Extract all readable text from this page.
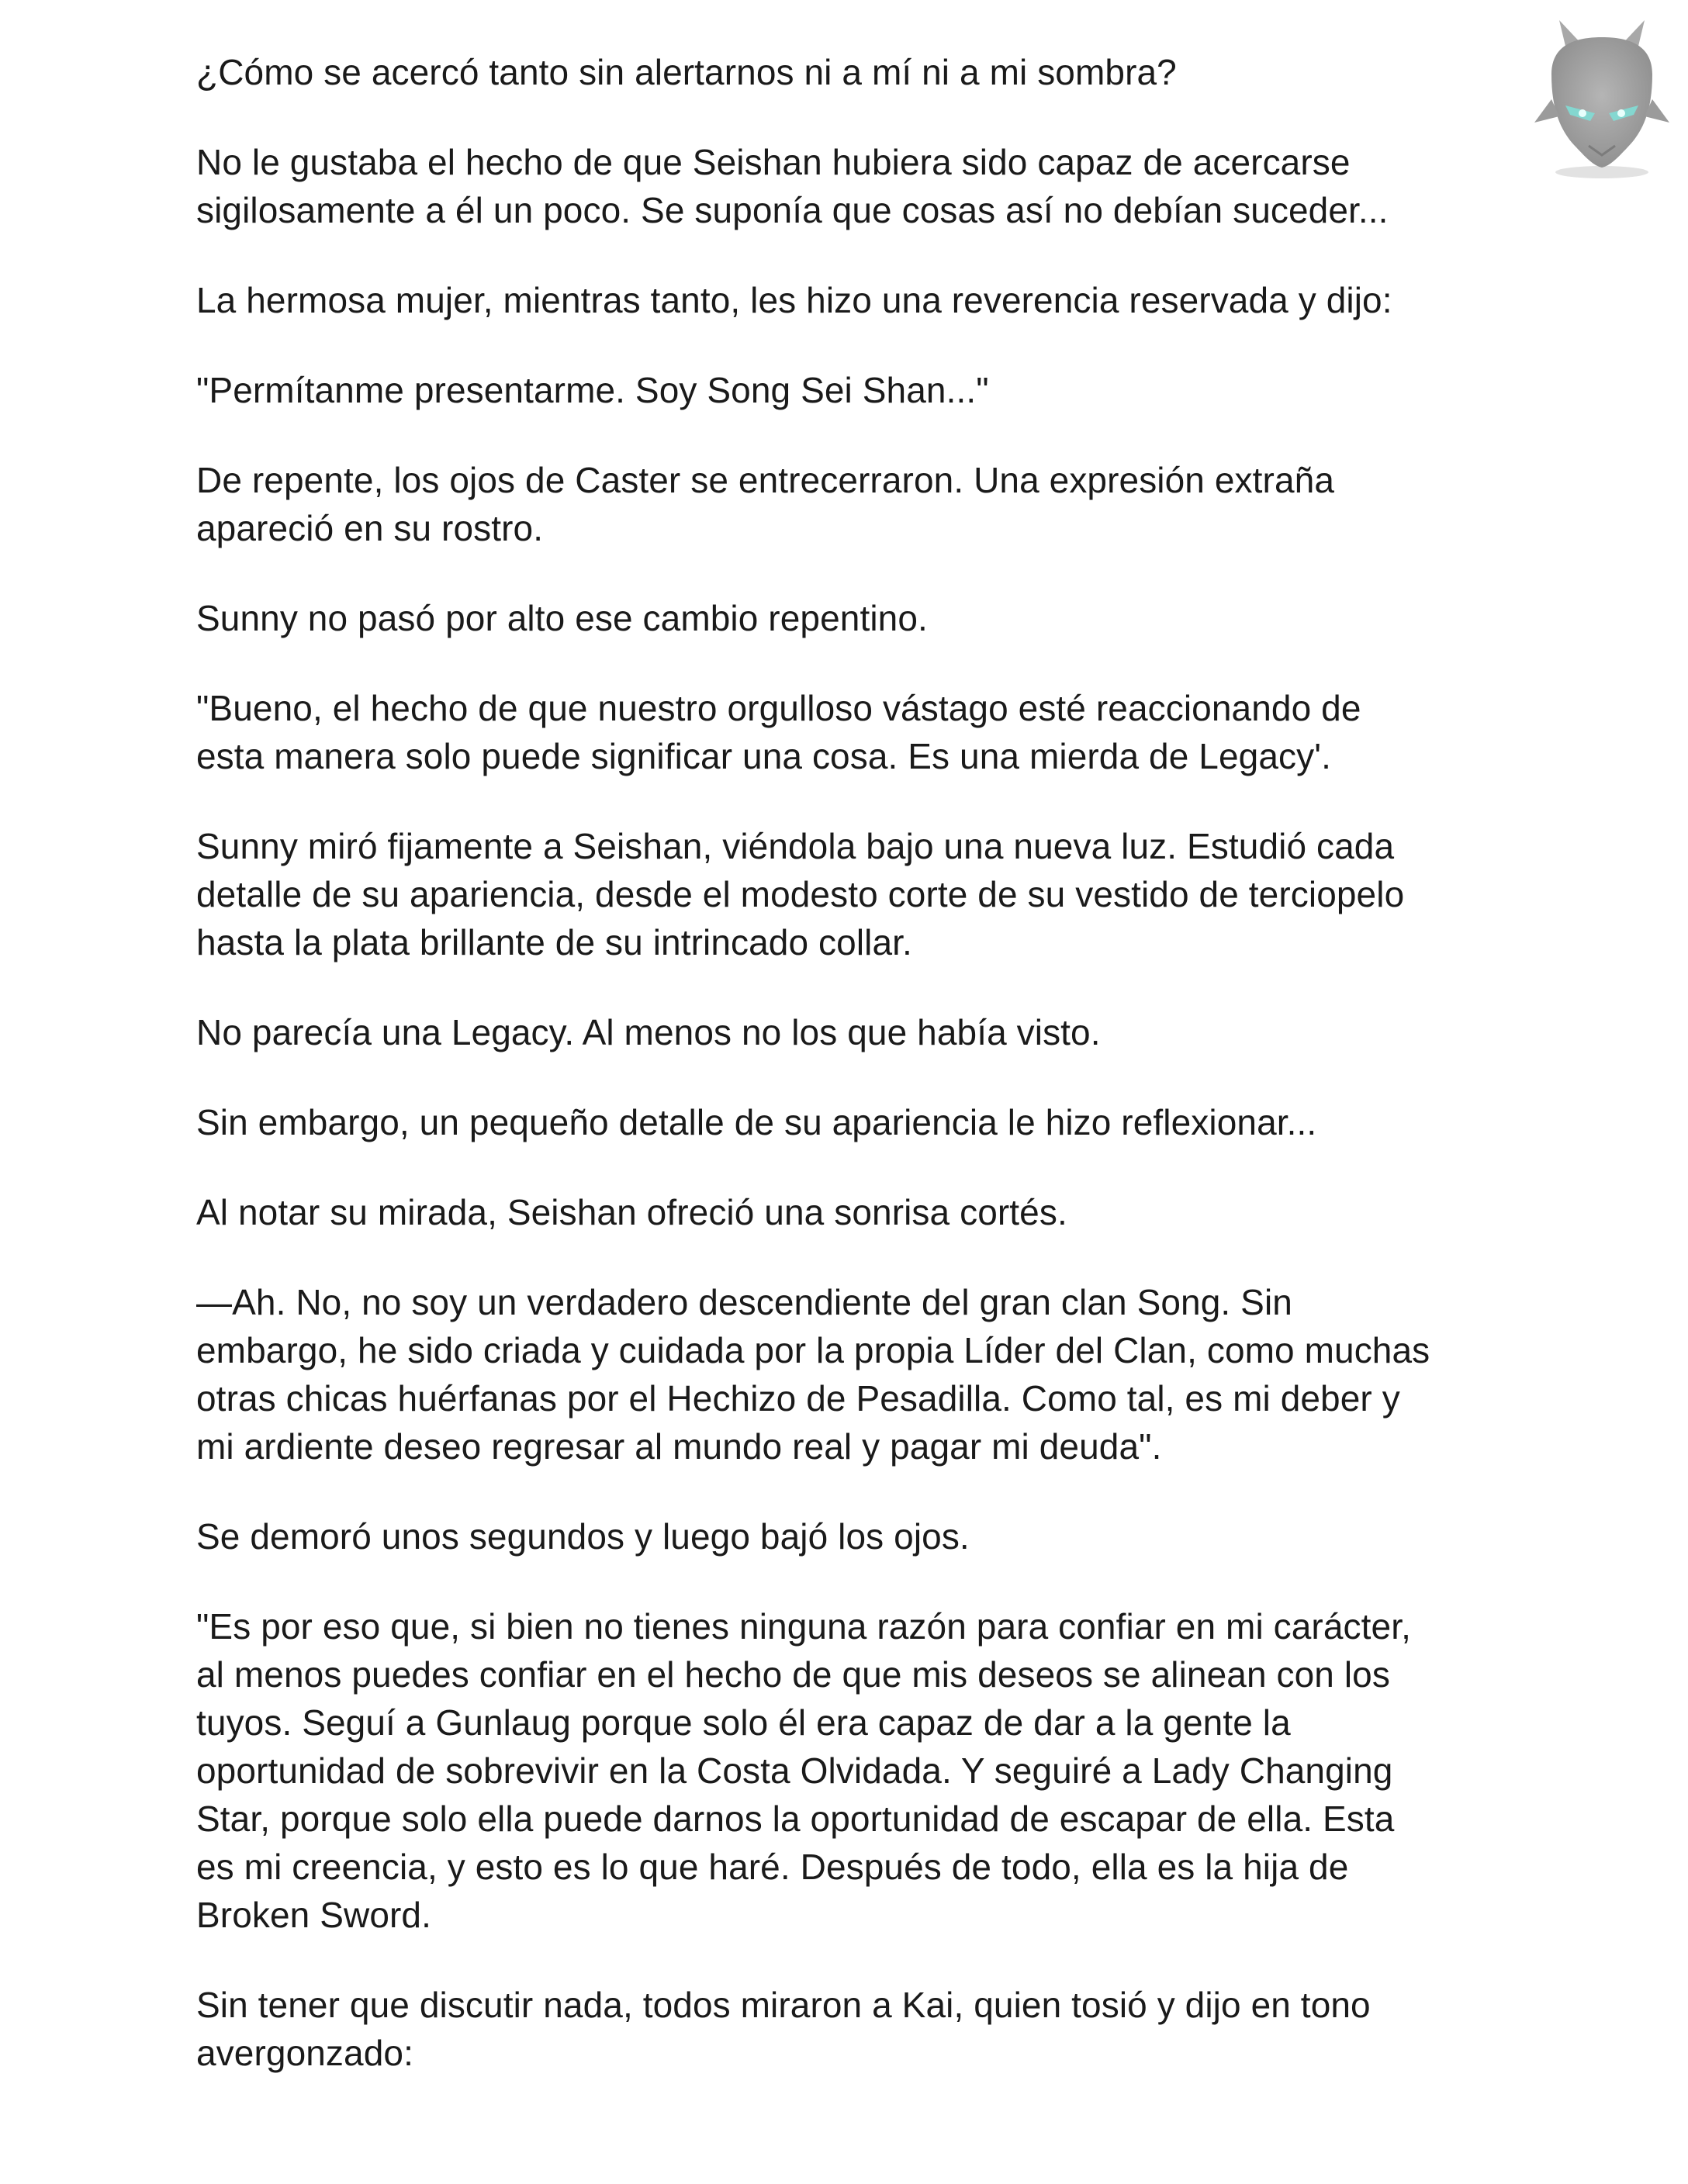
¿Cómo se acercó tanto sin alertarnos ni a mí ni a mi sombra?

No le gustaba el hecho de que Seishan hubiera sido capaz de acercarse
sigilosamente a él un poco. Se suponía que cosas así no debían suceder...

La hermosa mujer, mientras tanto, les hizo una reverencia reservada y dijo:

"Permítanme presentarme. Soy Song Sei Shan..."

De repente, los ojos de Caster se entrecerraron. Una expresión extraña
apareció en su rostro.

Sunny no pasó por alto ese cambio repentino.

"Bueno, el hecho de que nuestro orgulloso vástago esté reaccionando de
esta manera solo puede significar una cosa. Es una mierda de Legacy'.

Sunny miró fijamente a Seishan, viéndola bajo una nueva luz. Estudió cada
detalle de su apariencia, desde el modesto corte de su vestido de terciopelo
hasta la plata brillante de su intrincado collar.

No parecía una Legacy. Al menos no los que había visto.

Sin embargo, un pequeño detalle de su apariencia le hizo reflexionar...

Al notar su mirada, Seishan ofreció una sonrisa cortés.

—Ah. No, no soy un verdadero descendiente del gran clan Song. Sin
embargo, he sido criada y cuidada por la propia Líder del Clan, como muchas
otras chicas huérfanas por el Hechizo de Pesadilla. Como tal, es mi deber y
mi ardiente deseo regresar al mundo real y pagar mi deuda".

Se demoró unos segundos y luego bajó los ojos.

"Es por eso que, si bien no tienes ninguna razón para confiar en mi carácter,
al menos puedes confiar en el hecho de que mis deseos se alinean con los
tuyos. Seguí a Gunlaug porque solo él era capaz de dar a la gente la
oportunidad de sobrevivir en la Costa Olvidada. Y seguiré a Lady Changing
Star, porque solo ella puede darnos la oportunidad de escapar de ella. Esta
es mi creencia, y esto es lo que haré. Después de todo, ella es la hija de
Broken Sword.

Sin tener que discutir nada, todos miraron a Kai, quien tosió y dijo en tono
avergonzado:
